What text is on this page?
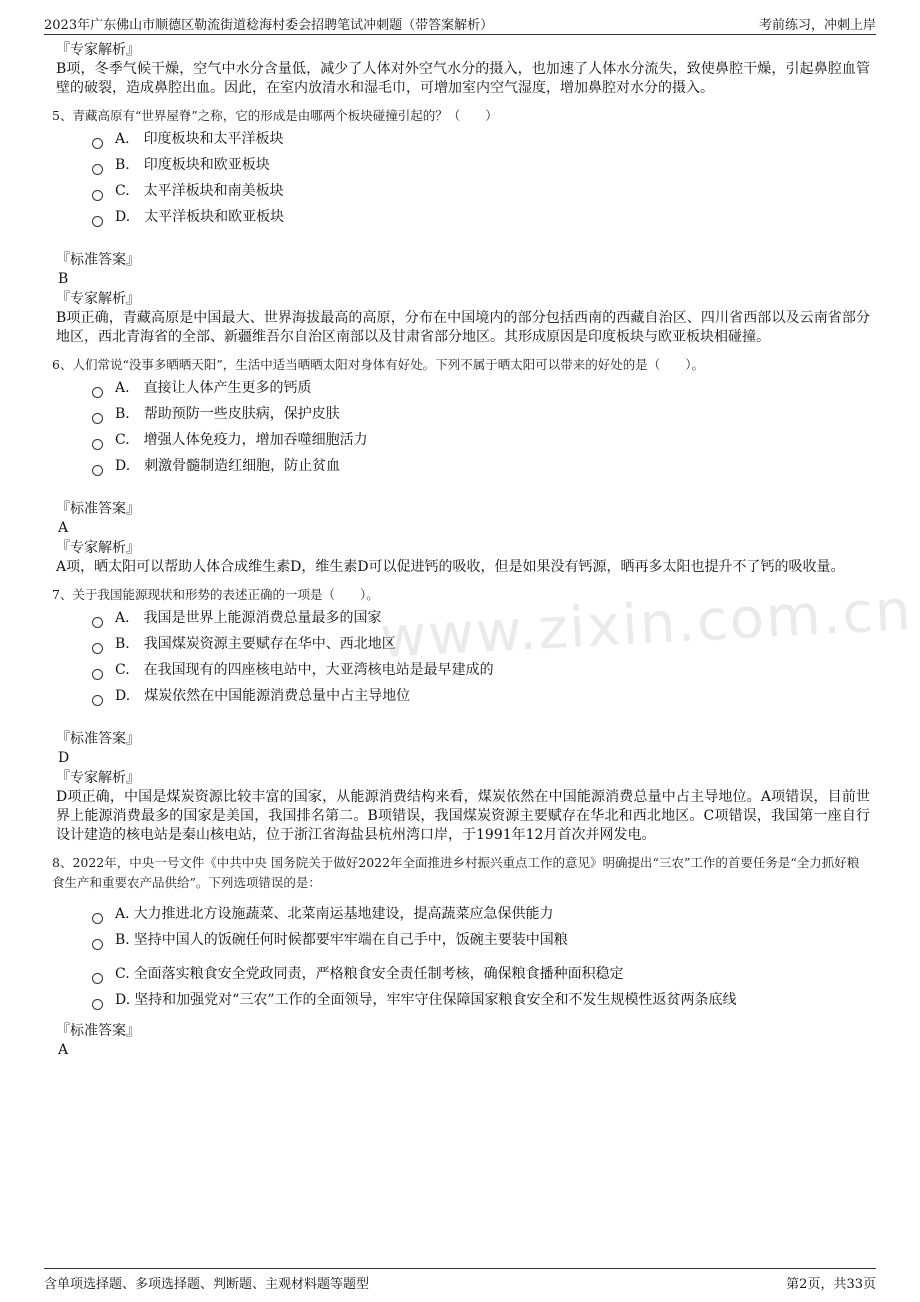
2023年广东佛山市顺德区勒流街道稔海村委会招聘笔试冲刺题（带答案解析）	考前练习，冲刺上岸
www.zixin.com.cn
『专家解析』
B项，冬季气候干燥，空气中水分含量低，减少了人体对外空气水分的摄入，也加速了人体水分流失，致使鼻腔干燥，引起鼻腔血管壁的破裂，造成鼻腔出血。因此，在室内放清水和湿毛巾，可增加室内空气湿度，增加鼻腔对水分的摄入。
5、青藏高原有“世界屋脊”之称，它的形成是由哪两个板块碰撞引起的？（　　）
A. 印度板块和太平洋板块
B. 印度板块和欧亚板块
C. 太平洋板块和南美板块
D. 太平洋板块和欧亚板块
『标准答案』
B
『专家解析』
B项正确，青藏高原是中国最大、世界海拔最高的高原，分布在中国境内的部分包括西南的西藏自治区、四川省西部以及云南省部分地区，西北青海省的全部、新疆维吾尔自治区南部以及甘肃省部分地区。其形成原因是印度板块与欧亚板块相碰撞。
6、人们常说“没事多晒晒天阳”，生活中适当晒晒太阳对身体有好处。下列不属于晒太阳可以带来的好处的是（　　）。
A. 直接让人体产生更多的钙质
B. 帮助预防一些皮肤病，保护皮肤
C. 增强人体免疫力，增加吞噬细胞活力
D. 刺激骨髓制造红细胞，防止贫血
『标准答案』
A
『专家解析』
A项，晒太阳可以帮助人体合成维生素D，维生素D可以促进钙的吸收，但是如果没有钙源，晒再多太阳也提升不了钙的吸收量。
7、关于我国能源现状和形势的表述正确的一项是（　　）。
A. 我国是世界上能源消费总量最多的国家
B. 我国煤炭资源主要赋存在华中、西北地区
C. 在我国现有的四座核电站中，大亚湾核电站是最早建成的
D. 煤炭依然在中国能源消费总量中占主导地位
『标准答案』
D
『专家解析』
D项正确，中国是煤炭资源比较丰富的国家，从能源消费结构来看，煤炭依然在中国能源消费总量中占主导地位。A项错误，目前世界上能源消费最多的国家是美国，我国排名第二。B项错误，我国煤炭资源主要赋存在华北和西北地区。C项错误，我国第一座自行设计建造的核电站是秦山核电站，位于浙江省海盐县杭州湾口岸，于1991年12月首次并网发电。
8、2022年，中央一号文件《中共中央 国务院关于做好2022年全面推进乡村振兴重点工作的意见》明确提出“三农”工作的首要任务是“全力抓好粮食生产和重要农产品供给”。下列选项错误的是：
A. 大力推进北方设施蔬菜、北菜南运基地建设，提高蔬菜应急保供能力
B. 坚持中国人的饭碗任何时候都要牢牢端在自己手中，饭碗主要装中国粮
C. 全面落实粮食安全党政同责，严格粮食安全责任制考核，确保粮食播种面积稳定
D. 坚持和加强党对“三农”工作的全面领导，牢牢守住保障国家粮食安全和不发生规模性返贫两条底线
『标准答案』
A
含单项选择题、多项选择题、判断题、主观材料题等题型	第2页，共33页
